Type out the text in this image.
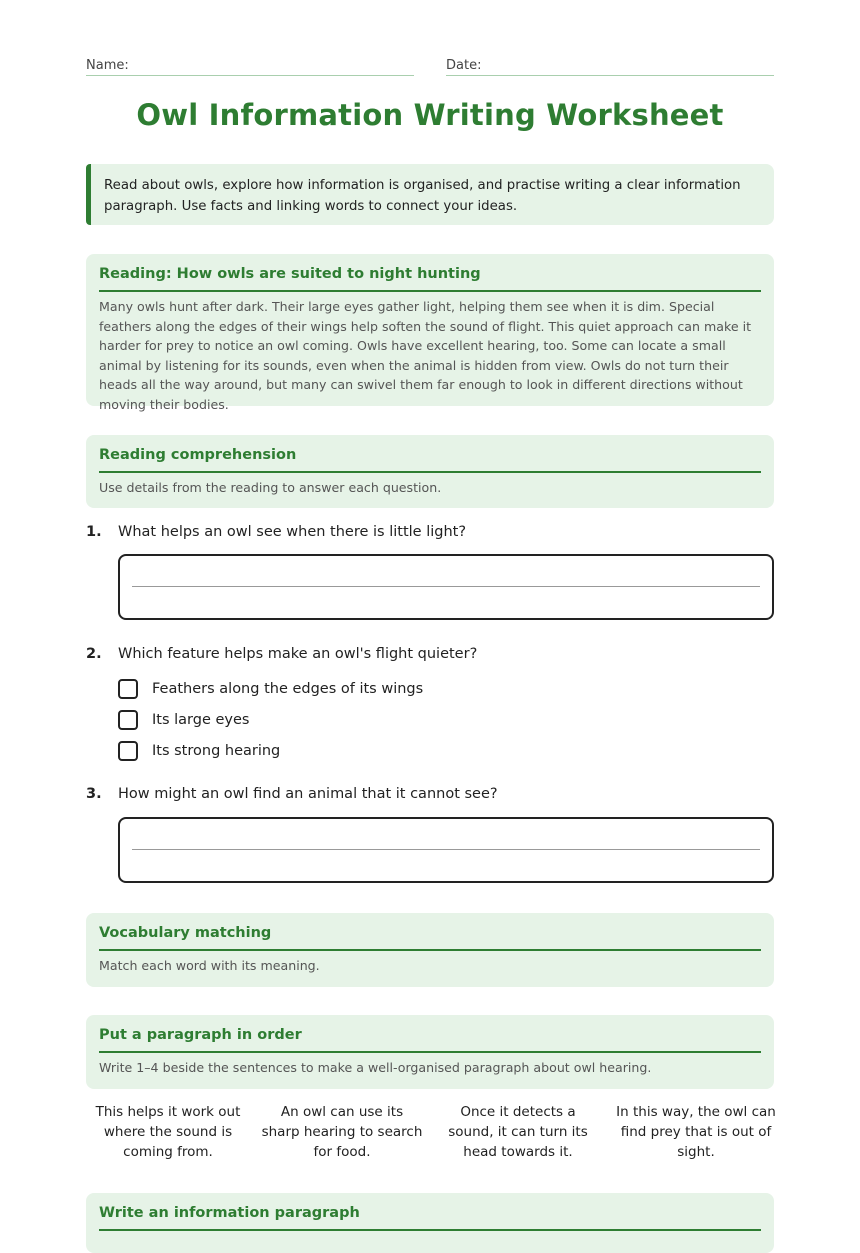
Name:	Date:
Owl Information Writing Worksheet
Read about owls, explore how information is organised, and practise writing a clear information paragraph. Use facts and linking words to connect your ideas.
Reading: How owls are suited to night hunting
Many owls hunt after dark. Their large eyes gather light, helping them see when it is dim. Special feathers along the edges of their wings help soften the sound of flight. This quiet approach can make it harder for prey to notice an owl coming. Owls have excellent hearing, too. Some can locate a small animal by listening for its sounds, even when the animal is hidden from view. Owls do not turn their heads all the way around, but many can swivel them far enough to look in different directions without moving their bodies.
Reading comprehension
Use details from the reading to answer each question.
1. What helps an owl see when there is little light?
2. Which feature helps make an owl's flight quieter?
Feathers along the edges of its wings
Its large eyes
Its strong hearing
3. How might an owl find an animal that it cannot see?
Vocabulary matching
Match each word with its meaning.
Put a paragraph in order
Write 1–4 beside the sentences to make a well-organised paragraph about owl hearing.
This helps it work out where the sound is coming from.
An owl can use its sharp hearing to search for food.
Once it detects a sound, it can turn its head towards it.
In this way, the owl can find prey that is out of sight.
Write an information paragraph
